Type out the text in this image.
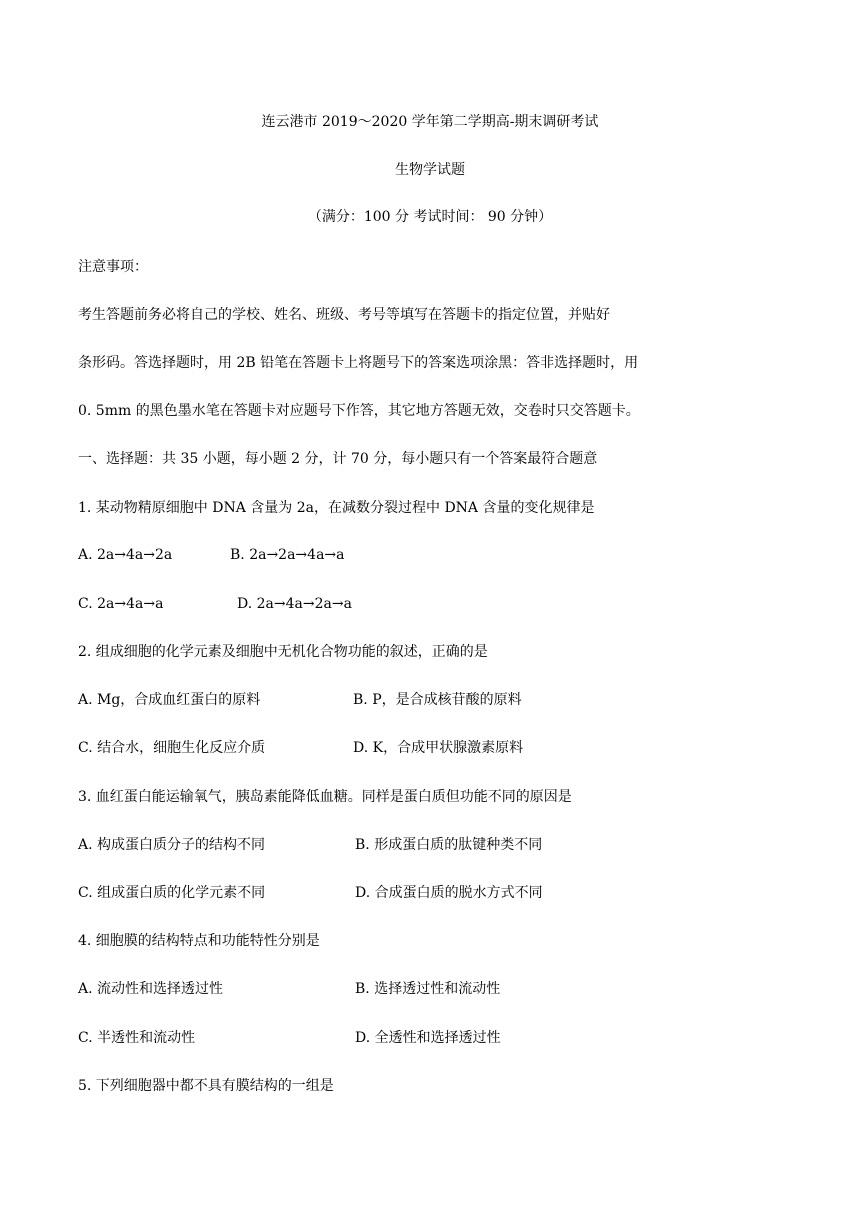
连云港市 2019～2020 学年第二学期高-期末调研考试
生物学试题
（满分：100 分 考试时间： 90 分钟）
注意事项：
考生答题前务必将自己的学校、姓名、班级、考号等填写在答题卡的指定位置，并贴好
条形码。答选择题时，用 2B 铅笔在答题卡上将题号下的答案选项涂黑：答非选择题时，用
0. 5mm 的黑色墨水笔在答题卡对应题号下作答，其它地方答题无效，交卷时只交答题卡。
一、选择题：共 35 小题，每小题 2 分，计 70 分，每小题只有一个答案最符合题意
1. 某动物精原细胞中 DNA 含量为 2a，在减数分裂过程中 DNA 含量的变化规律是
A. 2a→4a→2a	B. 2a→2a→4a→a
C. 2a→4a→a	D. 2a→4a→2a→a
2. 组成细胞的化学元素及细胞中无机化合物功能的叙述，正确的是
A. Mg，合成血红蛋白的原料	B. P，是合成核苷酸的原料
C. 结合水，细胞生化反应介质	D. K，合成甲状腺激素原料
3. 血红蛋白能运输氧气，胰岛素能降低血糖。同样是蛋白质但功能不同的原因是
A. 构成蛋白质分子的结构不同	B. 形成蛋白质的肽键种类不同
C. 组成蛋白质的化学元素不同	D. 合成蛋白质的脱水方式不同
4. 细胞膜的结构特点和功能特性分别是
A. 流动性和选择透过性	B. 选择透过性和流动性
C. 半透性和流动性	D. 全透性和选择透过性
5. 下列细胞器中都不具有膜结构的一组是
